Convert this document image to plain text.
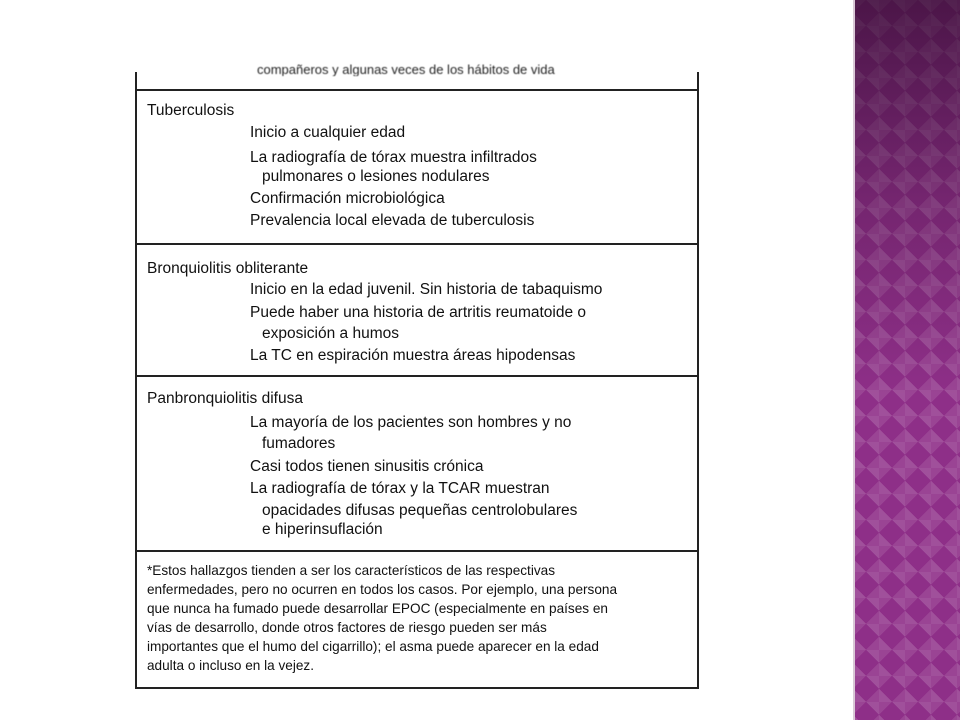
compañeros y algunas veces de los hábitos de vida
Tuberculosis
Inicio a cualquier edad
La radiografía de tórax muestra infiltrados
pulmonares o lesiones nodulares
Confirmación microbiológica
Prevalencia local elevada de tuberculosis
Bronquiolitis obliterante
Inicio en la edad juvenil. Sin historia de tabaquismo
Puede haber una historia de artritis reumatoide o
exposición a humos
La TC en espiración muestra áreas hipodensas
Panbronquiolitis difusa
La mayoría de los pacientes son hombres y no
fumadores
Casi todos tienen sinusitis crónica
La radiografía de tórax y la TCAR muestran
opacidades difusas pequeñas centrolobulares
e hiperinsuflación
*Estos hallazgos tienden a ser los característicos de las respectivas
enfermedades, pero no ocurren en todos los casos. Por ejemplo, una persona
que nunca ha fumado puede desarrollar EPOC (especialmente en países en
vías de desarrollo, donde otros factores de riesgo pueden ser más
importantes que el humo del cigarrillo); el asma puede aparecer en la edad
adulta o incluso en la vejez.
